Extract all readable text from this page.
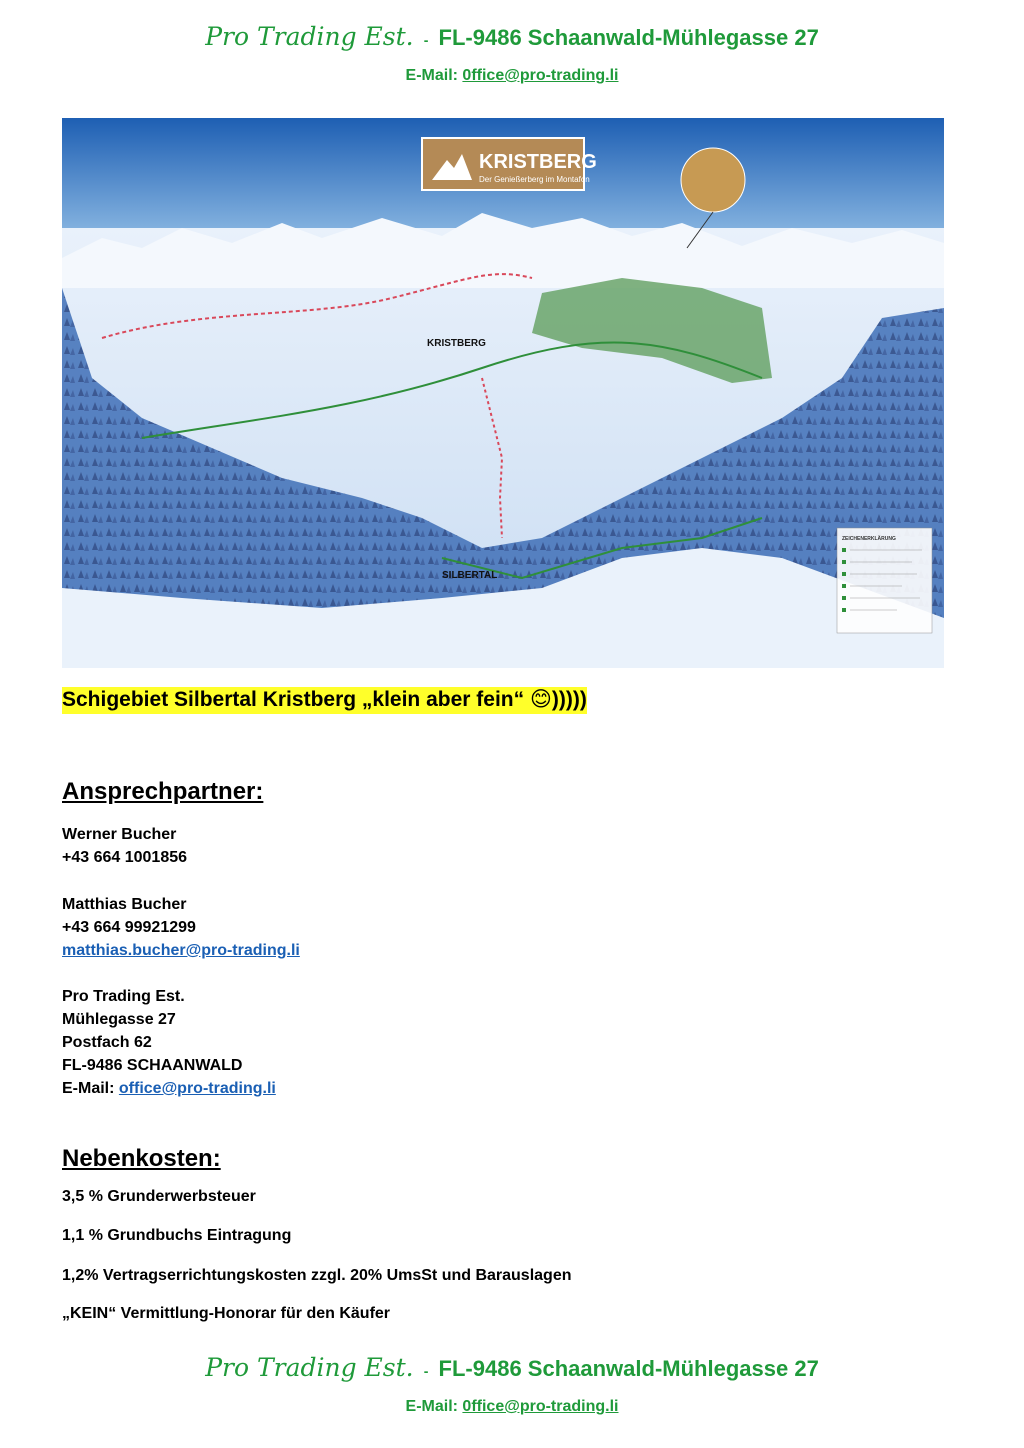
Pro Trading Est. - FL-9486 Schaanwald-Mühlegasse 27
E-Mail: 0ffice@pro-trading.li
KRISTBERG
Der Genießerberg im Montafon
KRISTBERG
SILBERTAL
ZEICHENERKLÄRUNG
Schigebiet Silbertal Kristberg „klein aber fein“ 😊)))))
Ansprechpartner:
Werner Bucher
+43 664 1001856
Matthias Bucher
+43 664 99921299
matthias.bucher@pro-trading.li
Pro Trading Est.
Mühlegasse 27
Postfach 62
FL-9486 SCHAANWALD
E-Mail: office@pro-trading.li
Nebenkosten:
3,5 % Grunderwerbsteuer
1,1 % Grundbuchs Eintragung
1,2% Vertragserrichtungskosten zzgl. 20% UmsSt und Barauslagen
„KEIN“ Vermittlung-Honorar für den Käufer
Pro Trading Est. - FL-9486 Schaanwald-Mühlegasse 27
E-Mail: 0ffice@pro-trading.li
